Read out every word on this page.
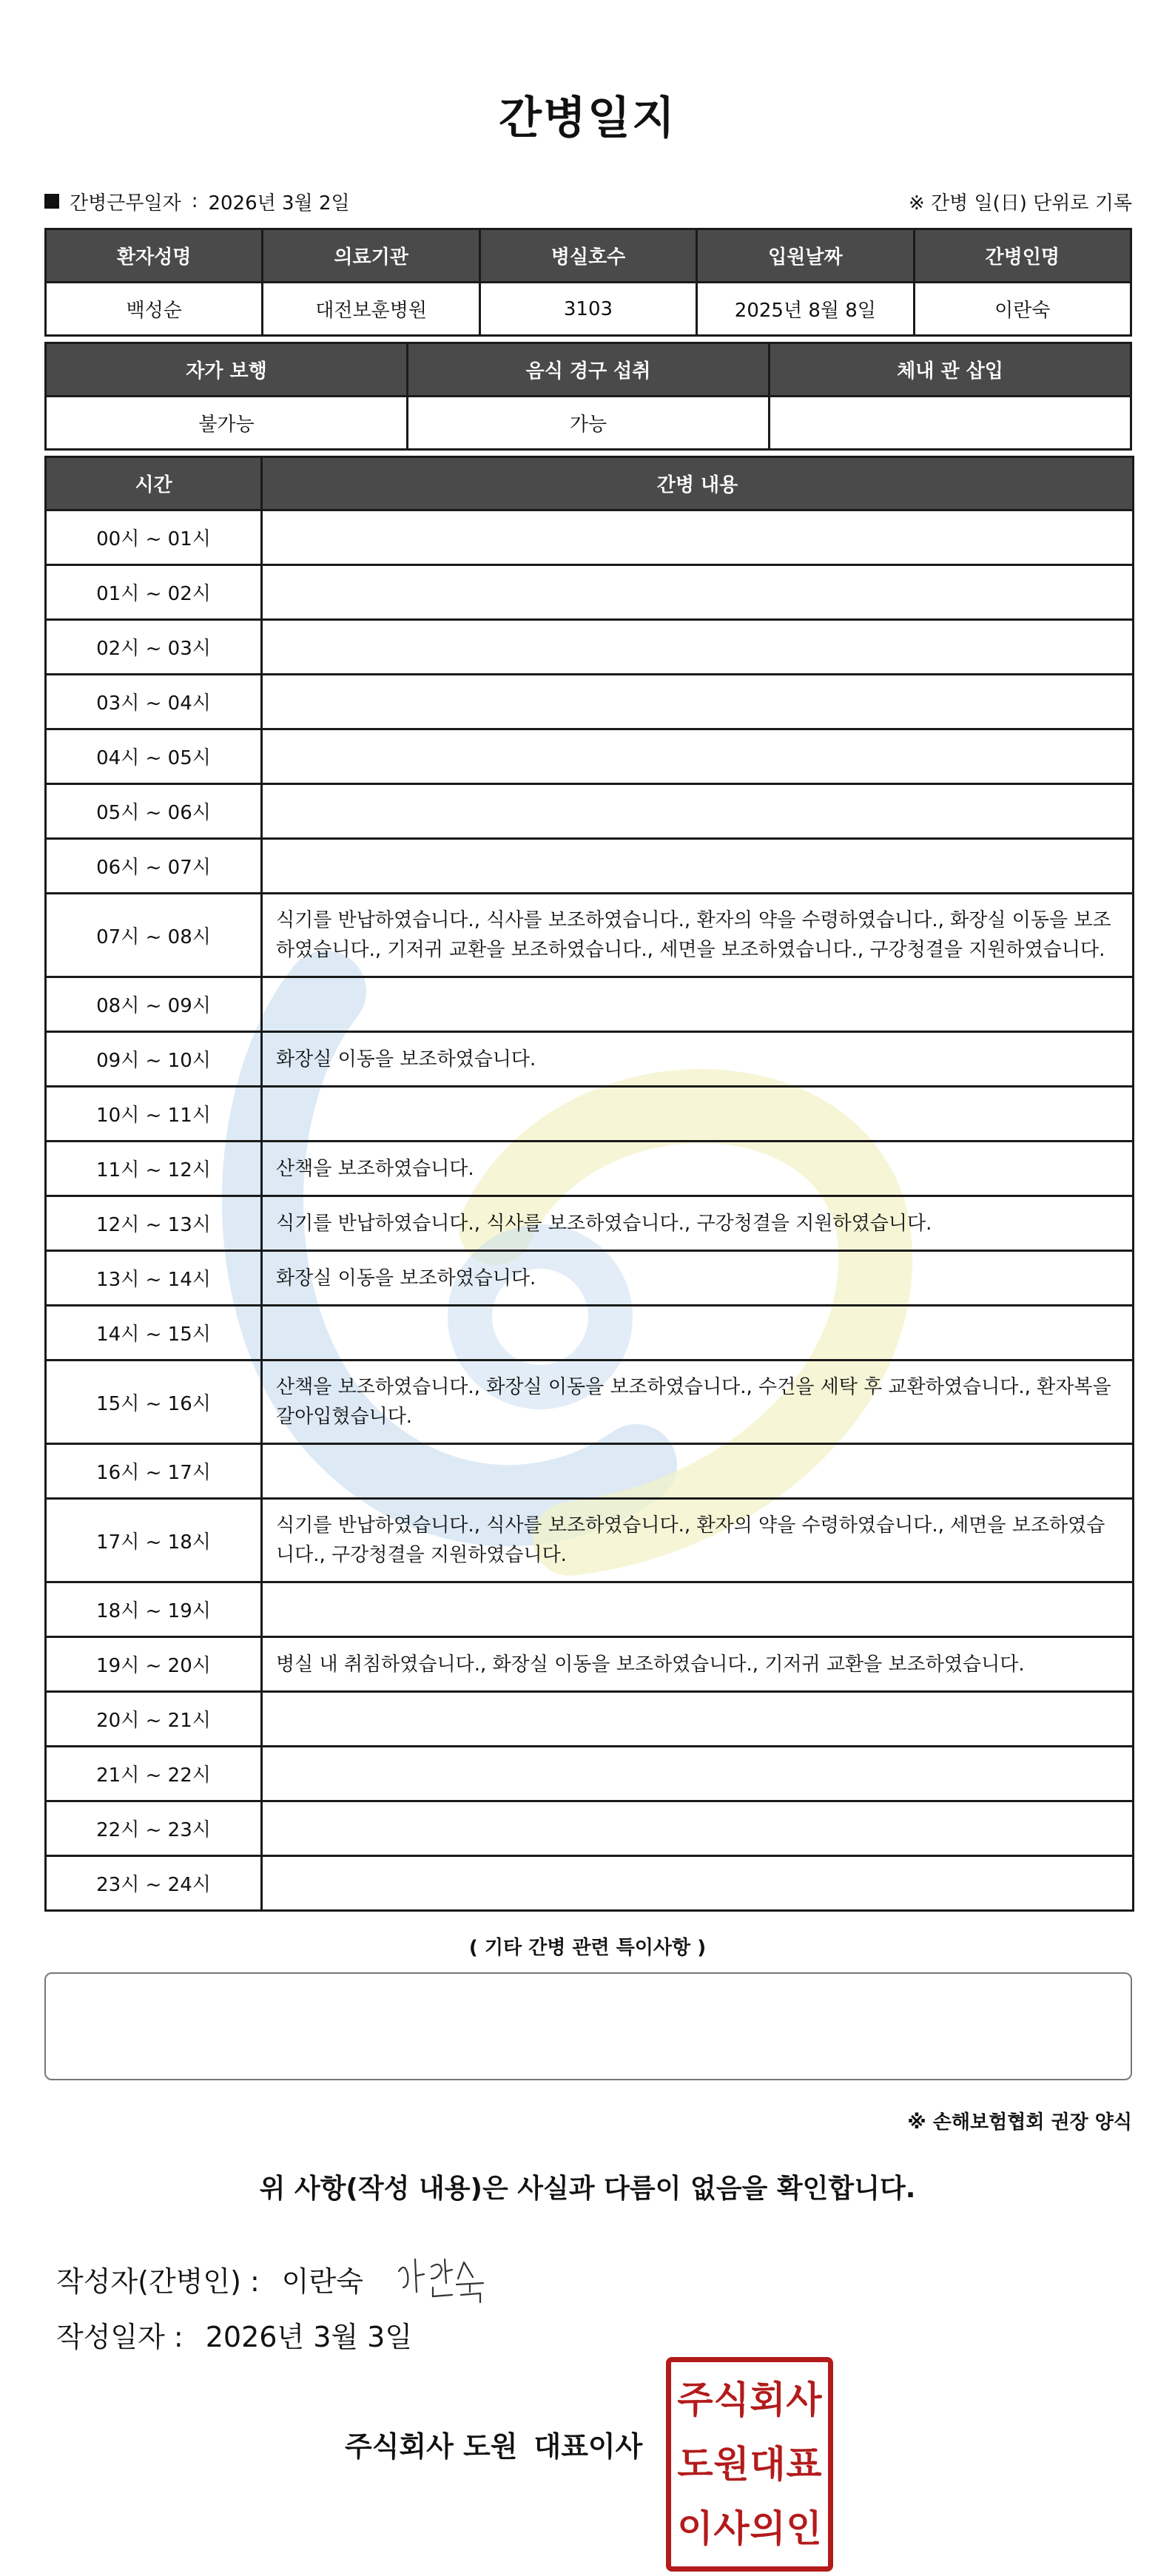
간병일지
간병근무일자 : 2026년 3월 2일	※ 간병 일(日) 단위로 기록
환자성명	의료기관	병실호수	입원날짜	간병인명
백성순	대전보훈병원	3103	2025년 8월 8일	이란숙
자가 보행	음식 경구 섭취	체내 관 삽입
불가능	가능	
시간	간병 내용
00시 ~ 01시	
01시 ~ 02시	
02시 ~ 03시	
03시 ~ 04시	
04시 ~ 05시	
05시 ~ 06시	
06시 ~ 07시	
07시 ~ 08시	식기를 반납하였습니다., 식사를 보조하였습니다., 환자의 약을 수령하였습니다., 화장실 이동을 보조하였습니다., 기저귀 교환을 보조하였습니다., 세면을 보조하였습니다., 구강청결을 지원하였습니다.
08시 ~ 09시	
09시 ~ 10시	화장실 이동을 보조하였습니다.
10시 ~ 11시	
11시 ~ 12시	산책을 보조하였습니다.
12시 ~ 13시	식기를 반납하였습니다., 식사를 보조하였습니다., 구강청결을 지원하였습니다.
13시 ~ 14시	화장실 이동을 보조하였습니다.
14시 ~ 15시	
15시 ~ 16시	산책을 보조하였습니다., 화장실 이동을 보조하였습니다., 수건을 세탁 후 교환하였습니다., 환자복을 갈아입혔습니다.
16시 ~ 17시	
17시 ~ 18시	식기를 반납하였습니다., 식사를 보조하였습니다., 환자의 약을 수령하였습니다., 세면을 보조하였습니다., 구강청결을 지원하였습니다.
18시 ~ 19시	
19시 ~ 20시	병실 내 취침하였습니다., 화장실 이동을 보조하였습니다., 기저귀 교환을 보조하였습니다.
20시 ~ 21시	
21시 ~ 22시	
22시 ~ 23시	
23시 ~ 24시	
( 기타 간병 관련 특이사항 )
※ 손해보험협회 권장 양식
위 사항(작성 내용)은 사실과 다름이 없음을 확인합니다.
작성자(간병인) : 이란숙
작성일자 : 2026년 3월 3일
주식회사 도원 대표이사
주 식 회 사
도 원 대 표
이 사 의 인
